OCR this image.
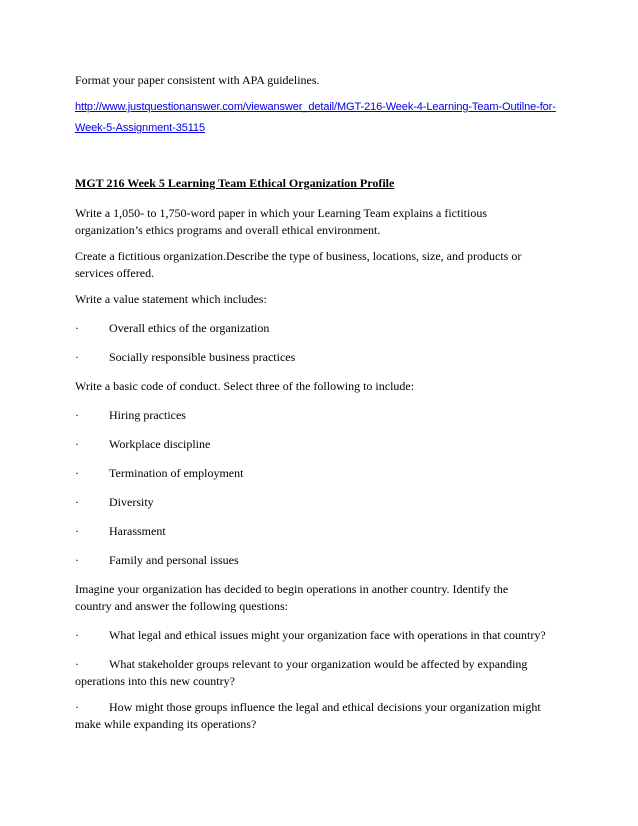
Format your paper consistent with APA guidelines.
http://www.justquestionanswer.com/viewanswer_detail/MGT-216-Week-4-Learning-Team-Outilne-for-
Week-5-Assignment-35115
MGT 216 Week 5 Learning Team Ethical Organization Profile
Write a 1,050- to 1,750-word paper in which your Learning Team explains a fictitious
organization’s ethics programs and overall ethical environment.
Create a fictitious organization.Describe the type of business, locations, size, and products or
services offered.
Write a value statement which includes:
·	Overall ethics of the organization
·	Socially responsible business practices
Write a basic code of conduct. Select three of the following to include:
·	Hiring practices
·	Workplace discipline
·	Termination of employment
·	Diversity
·	Harassment
·	Family and personal issues
Imagine your organization has decided to begin operations in another country. Identify the
country and answer the following questions:
·	What legal and ethical issues might your organization face with operations in that country?
·	What stakeholder groups relevant to your organization would be affected by expanding
operations into this new country?
·	How might those groups influence the legal and ethical decisions your organization might
make while expanding its operations?
